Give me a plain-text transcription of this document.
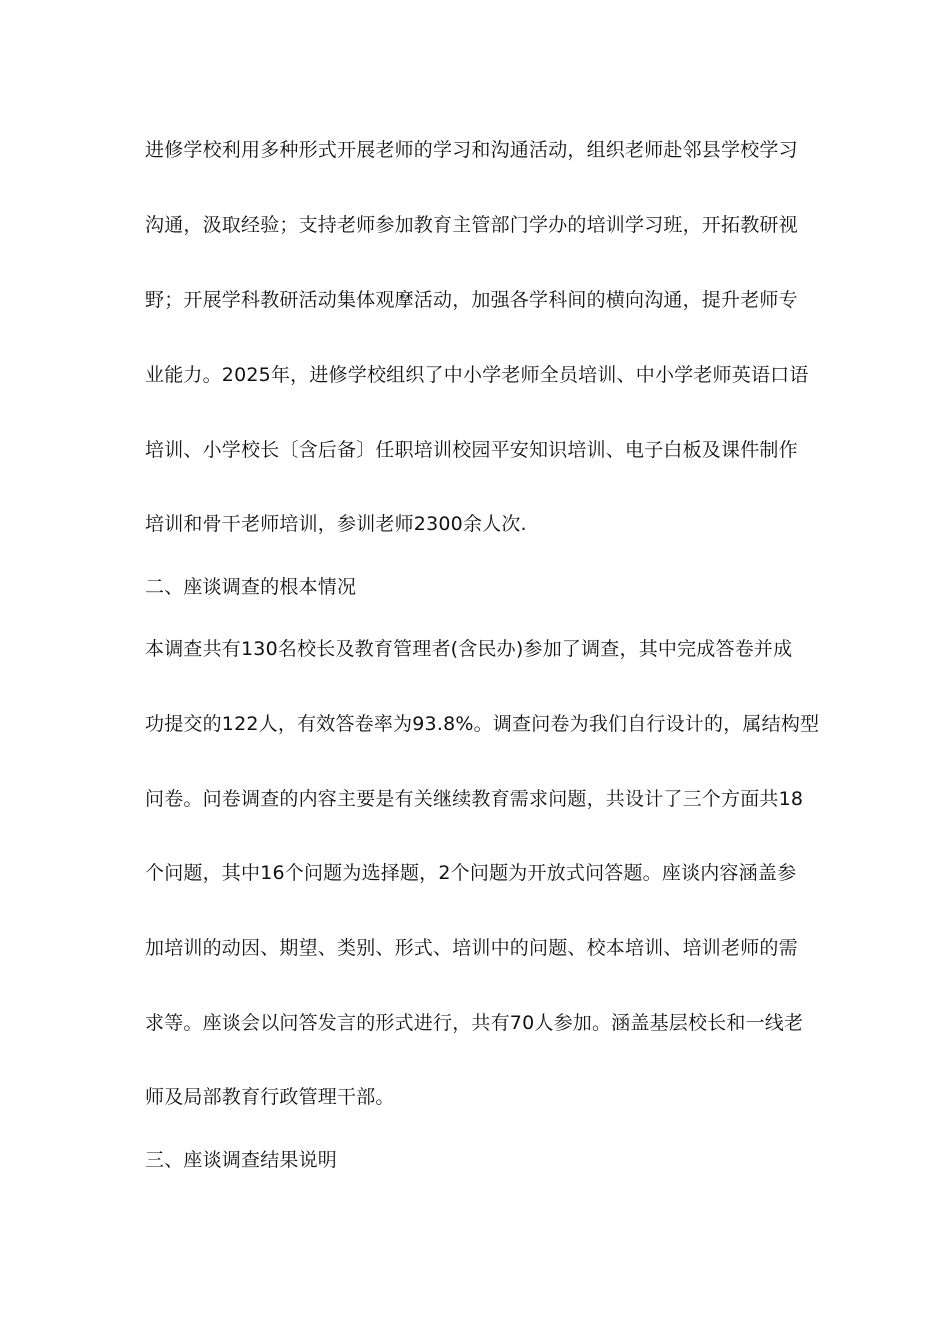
进修学校利用多种形式开展老师的学习和沟通活动，组织老师赴邻县学校学习
沟通，汲取经验；支持老师参加教育主管部门学办的培训学习班，开拓教研视
野；开展学科教研活动集体观摩活动，加强各学科间的横向沟通，提升老师专
业能力。2025年，进修学校组织了中小学老师全员培训、中小学老师英语口语
培训、小学校长〔含后备〕任职培训校园平安知识培训、电子白板及课件制作
培训和骨干老师培训，参训老师2300余人次.
二、座谈调查的根本情况
本调查共有130名校长及教育管理者(含民办)参加了调查，其中完成答卷并成
功提交的122人，有效答卷率为93.8%。调查问卷为我们自行设计的，属结构型
问卷。问卷调查的内容主要是有关继续教育需求问题，共设计了三个方面共18
个问题，其中16个问题为选择题，2个问题为开放式问答题。座谈内容涵盖参
加培训的动因、期望、类别、形式、培训中的问题、校本培训、培训老师的需
求等。座谈会以问答发言的形式进行，共有70人参加。涵盖基层校长和一线老
师及局部教育行政管理干部。
三、座谈调查结果说明
